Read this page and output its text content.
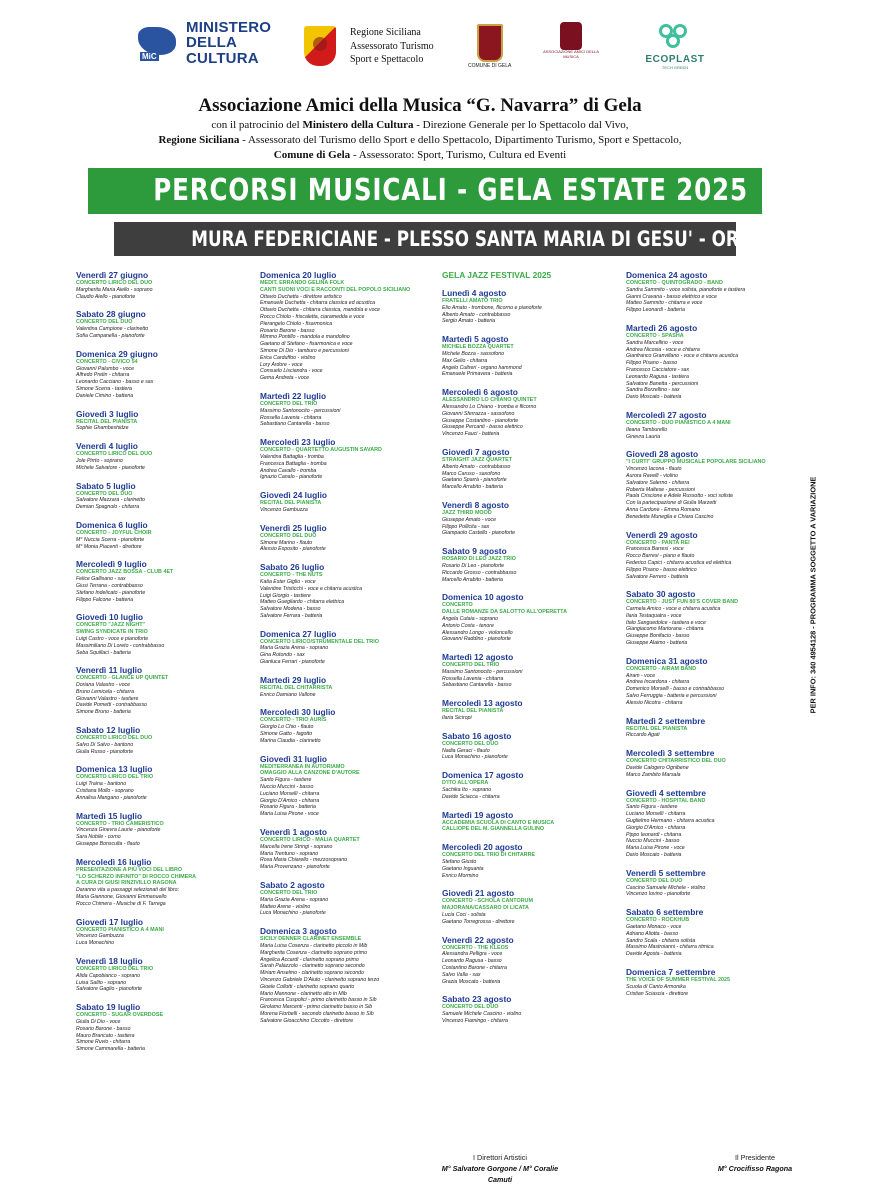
MiC
MINISTERO
DELLA
CULTURA
Regione Siciliana
Assessorato Turismo
Sport e Spettacolo
COMUNE DI GELA
ASSOCIAZIONE AMICI DELLA MUSICA	ECOPLAST
TECH GREEN
Associazione Amici della Musica “G. Navarra” di Gela
con il patrocinio del Ministero della Cultura - Direzione Generale per lo Spettacolo dal Vivo,
Regione Siciliana - Assessorato del Turismo dello Sport e dello Spettacolo, Dipartimento Turismo, Sport e Spettacolo,
Comune di Gela - Assessorato: Sport, Turismo, Cultura ed Eventi
PERCORSI MUSICALI - GELA ESTATE 2025
MURA FEDERICIANE - PLESSO SANTA MARIA DI GESU' - ORE 21.15
Venerdì 27 giugno
CONCERTO LIRICO DEL DUO
Margherita Maria Aiello - soprano
Claudio Aiello - pianoforte
Sabato 28 giugno
CONCERTO DEL DUO
Valentina Campione - clarinetto
Sofia Campanella - pianoforte
Domenica 29 giugno
CONCERTO - CIVICO 54
Giovanni Palumbo - voce
Alfredo Pretin - chitarra
Leonardo Cacciano - basso e sax
Simone Scerra - tastiera
Daniele Cimino - batteria
Giovedì 3 luglio
RECITAL DEL PIANISTA
Sophie Ghambeshidze
Venerdì 4 luglio
CONCERTO LIRICO DEL DUO
Jole Pirrto - soprano
Michele Salvatore - pianoforte
Sabato 5 luglio
CONCERTO DEL DUO
Salvatore Mazzara - clarinetto
Demian Spagnolo - chitarra
Domenica 6 luglio
CONCERTO - JOYFUL CHOIR
M° Nuccia Scerra - pianoforte
M° Monia Piacenti - direttore
Mercoledì 9 luglio
CONCERTO JAZZ BOSSA - CLUB 4ET
Felice Gallisano - sax
Giusi Terrana - contrabbasso
Stefano Indelicato - pianoforte
Filippo Falcone - batteria
Giovedì 10 luglio
CONCERTO "JAZZ NIGHT"
SWING SYNDICATE IN TRIO
Luigi Castro - voce e pianoforte
Massimiliano Di Loreto - contrabbasso
Seba Squillaci - batteria
Venerdì 11 luglio
CONCERTO - GLANCE UP QUINTET
Doriana Valastro - voce
Bruno Lemicela - chitarra
Giovanni Valastro - tastiere
Davide Pometti - contrabbasso
Simone Bruno - batteria
Sabato 12 luglio
CONCERTO LIRICO DEL DUO
Salvo Di Salvo - baritono
Giulia Russo - pianoforte
Domenica 13 luglio
CONCERTO LIRICO DEL TRIO
Luigi Traina - baritono
Cristiana Mollo - soprano
Annalisa Mangano - pianoforte
Martedì 15 luglio
CONCERTO - TRIO CAMERISTICO
Vincenza Ginevra Laurie - pianoforte
Sara Nobile - corno
Giuseppe Bonsculta - flauto
Mercoledì 16 luglio
PRESENTAZIONE A PIÙ VOCI DEL LIBRO
"LO SCHERZO INFINITO" DI ROCCO CHIMERA
A CURA DI GIUSI RINZIVILLO RAGONA
Daranno vita a passaggi selezionati del libro:
Maria Giannone, Giovanni Emmanuello
Rocco Chimera - Musiche di F. Tarrega
Giovedì 17 luglio
CONCERTO PIANISTICO A 4 MANI
Vincenzo Gambuzza
Luca Monachino
Venerdì 18 luglio
CONCERTO LIRICO DEL TRIO
Alida Capobianco - soprano
Luisa Salito - soprano
Salvatore Gaglio - pianoforte
Sabato 19 luglio
CONCERTO - SUGAR OVERDOSE
Giulia Di Dio - voce
Rosario Barone - basso
Mauro Brancato - tastiera
Simone Ruvio - chitarra
Simone Cammarella - batteria
Domenica 20 luglio
MEDIT. ERRANDO GELINA FOLK
CANTI SUONI VOCI E RACCONTI DEL POPOLO SICILIANO
Ottavio Duchetta - direttore artistico
Emanuele Duchetta - chitarra classica ed acustica
Ottavio Duchetta - chitarra classica, mandola e voce
Rocco Chiolo - friscaletta, ciaramedda e voce
Pierangelo Chiolo - fisarmonica
Rosario Barone - basso
Mimmo Pontillo - mandola e mandolino
Gaetano di Stefano - fisarmonica e voce
Simone Di Dio - tamburo e percussioni
Erica Carduffoo - violino
Lory Ardore - voce
Consuelo Lisciandra - voce
Gema Andreta - voce
Martedì 22 luglio
CONCERTO DEL TRIO
Massimo Santonocito - percussioni
Rossella Lavenia - chitarra
Sebastiano Cantarella - basso
Mercoledì 23 luglio
CONCERTO - QUARTETTO AUGUSTIN SAVARD
Valentina Battaglia - tromba
Francesca Battaglia - tromba
Andrea Cavallo - tromba
Ignazio Canalo - pianoforte
Giovedì 24 luglio
RECITAL DEL PIANISTA
Vincenzo Gambuzza
Venerdì 25 luglio
CONCERTO DEL DUO
Simone Marino - flauto
Alessio Esposito - pianoforte
Sabato 26 luglio
CONCERTO - THE NUTS
Katia Ester Giglio - voce
Valentine Tristicchi - voce e chitarra acustica
Luigi Giorgio - tastiere
Matteo Guegliardo - chitarra elettrica
Salvatore Modena - basso
Salvatore Ferrara - batteria
Domenica 27 luglio
CONCERTO LIRICO/STRUMENTALE DEL TRIO
Maria Grazia Arena - soprano
Gina Rotondo - sax
Gianluca Ferrari - pianoforte
Martedì 29 luglio
RECITAL DEL CHITARRISTA
Enrico Damiano Vallone
Mercoledì 30 luglio
CONCERTO - TRIO AURIS
Giorgio Lo Chio - flauto
Simone Gatto - fagotto
Marina Claudia - clarinetto
Giovedì 31 luglio
MEDITERRANEA IN AUTORIAMO
OMAGGIO ALLA CANZONE D'AUTORE
Santo Figura - tastiere
Nuccio Muccini - basso
Luciano Morselli - chitarra
Giorgio D'Amico - chitarra
Rosario Figura - batteria
Maria Luisa Pirone - voce
Venerdì 1 agosto
CONCERTO LIRICO - MALIA QUARTET
Marcella Irene Stringi - soprano
Maria Trentuno - soprano
Rosa Maria Chiarello - mezzosoprano
Maria Provenzano - pianoforte
Sabato 2 agosto
CONCERTO DEL TRIO
Maria Grazia Arena - soprano
Matteo Arene - violino
Luca Monachino - pianoforte
Domenica 3 agosto
SICILY DENNER CLARINET ENSEMBLE
Maria Luisa Cosenza - clarinetto piccolo in Mib
Margherita Cosenza - clarinetto soprano primo
Angelica Accardi - clarinetto soprano primo
Sarah Palazzolo - clarinetto soprano secondo
Miriam Anselmo - clarinetto soprano secondo
Vincenzo Gabriele D'Aiuto - clarinetto soprano terzo
Gioele Collotti - clarinetto soprano quarto
Mario Mannone - clarinetto alto in Mib
Francesca Cuspolici - primo clarinetto basso in Sib
Girolamo Marcenti - primo clarinetto basso in Sib
Morena Fiorbelli - secondo clarinetto basso in Sib
Salvatore Gioacchino Ciccotto - direttore
GELA JAZZ FESTIVAL 2025
Lunedì 4 agosto
FRATELLI AMATO TRIO
Elio Amato - trombone, flicorno e pianoforte
Alberto Amato - contrabbasso
Sergio Amato - batteria
Martedì 5 agosto
MICHELE BOZZA QUARTET
Michele Bozza - sassofono
Max Gelio - chitarra
Angelo Cultreri - organo hammond
Emanuele Primavera - batteria
Mercoledì 6 agosto
ALESSANDRO LO CHIANO QUINTET
Alessandro Lo Chiano - tromba e flicorno
Giovanni Sferrazza - sassofono
Giuseppe Costantino - pianoforte
Giuseppe Percanti - basso elettrico
Vincenzo Fauci - batteria
Giovedì 7 agosto
STRAIGHT JAZZ QUARTET
Alberto Amato - contrabbasso
Marco Caruso - saxofono
Gaetano Sparrà - pianoforte
Marcello Arrabito - batteria
Venerdì 8 agosto
JAZZ THIRD MOOD
Giuseppe Amato - voce
Filippo Pollicita - sax
Giampaolo Castello - pianoforte
Sabato 9 agosto
ROSARIO DI LEO JAZZ TRIO
Rosario Di Leo - pianoforte
Riccardo Grosso - contrabbasso
Marcello Arrabito - batteria
Domenica 10 agosto
CONCERTO
DALLE ROMANZE DA SALOTTO ALL'OPERETTA
Angela Cutaia - soprano
Antonio Costa - tenore
Alessandro Longo - violoncello
Giovanni Raddino - pianoforte
Martedì 12 agosto
CONCERTO DEL TRIO
Massimo Santonocito - percussioni
Rossella Lavenia - chitarra
Sebastiano Cantarella - basso
Mercoledì 13 agosto
RECITAL DEL PIANISTA
Ilaria Siciropi
Sabato 16 agosto
CONCERTO DEL DUO
Nadia Geraci - flauto
Luca Monachino - pianoforte
Domenica 17 agosto
D'ITO ALL'OPERA
Sachika Ito - soprano
Davide Sciacca - chitarra
Martedì 19 agosto
ACCADEMIA SCUOLA DI CANTO E MUSICA
CALLIOPE DEL M. GIANNELLA GULINO
Mercoledì 20 agosto
CONCERTO DEL TRIO DI CHITARRE
Stefano Giusto
Gaetano Inguanta
Enrico Mormino
Giovedì 21 agosto
CONCERTO - SCHOLA CANTORUM
MAJORANA/CASSARO DI LICATA
Lucia Coci - solista
Gaetano Torregrossa - direttore
Venerdì 22 agosto
CONCERTO - THE KLEOS
Alessandra Pelligra - voce
Leonardo Ragusa - basso
Costantino Barone - chitarra
Salvo Valla - sax
Grazia Moscato - batteria
Sabato 23 agosto
CONCERTO DEL DUO
Samuele Michele Cascino - violino
Vincenzo Fiamingo - chitarra
Domenica 24 agosto
CONCERTO - QUINTOGRADO - BAND
Sandra Sammito - voce solista, pianoforte e tastiera
Gianni Cravana - basso elettrico e voce
Matteo Sammito - chitarra e voce
Filippo Leonardi - batteria
Martedì 26 agosto
CONCERTO - SPASHA
Sandra Marcellino - voce
Andrea Nicosia - voce e chitarra
Gianfranco Granvillano - voce e chitarra acustica
Filippo Pisano - basso
Francesco Cacciatore - sax
Leonardo Ragusa - tastiera
Salvatore Banetta - percussioni
Sandra Borzellino - sax
Dario Moscato - batteria
Mercoledì 27 agosto
CONCERTO - DUO PIANISTICO A 4 MANI
Ileana Tamburello
Ginevra Lauria
Giovedì 28 agosto
"I CURTI" GRUPPO MUSICALE POPOLARE SICILIANO
Vincenzo Iacona - flauto
Aurora Ravelli - violino
Salvatore Salerno - chitarra
Roberta Maltese - percussioni
Paola Criscione e Adele Russotto - voci soliste
Con la partecipazione di Giulia Marzetti
Anna Cardone - Emma Romano
Benedetta Muneglia e Chiara Cascino
Venerdì 29 agosto
CONCERTO - PANTA REI
Francesca Barresi - voce
Rocco Barresi - piano e flauto
Federico Capici - chitarra acustica ed elettrica
Filippo Pisano - basso elettrico
Salvatore Ferrero - batteria
Sabato 30 agosto
CONCERTO - JUST FUN 80'S COVER BAND
Carmela Amico - voce e chitarra acustica
Ilaria Testaquatra - voce
Italo Sanguedolce - tastiera e voce
Giangiacomo Martorana - chitarra
Giuseppe Bonifacio - basso
Giuseppe Alaimo - batteria
Domenica 31 agosto
CONCERTO - AIRAM BAND
Airam - voce
Andrea Incardona - chitarra
Domenico Morselli - basso e contrabbasso
Salvo Ferruggia - batteria e percussioni
Alessio Nicotra - chitarra
Martedì 2 settembre
RECITAL DEL PIANISTA
Riccardo Agati
Mercoledì 3 settembre
CONCERTO CHITARRISTICO DEL DUO
Davide Calogero Ognibene
Marco Zambito Marsala
Giovedì 4 settembre
CONCERTO - HOSPITAL BAND
Santo Figura - tastiere
Luciano Morselli - chitarra
Guglielmo Hermano - chitarra acustica
Giorgio D'Amico - chitarra
Pippo Ieonardi - chitarra
Nuccio Muccini - basso
Maria Luisa Pirone - voce
Dario Moscato - batteria
Venerdì 5 settembre
CONCERTO DEL DUO
Cascino Samuele Michele - violino
Vincenzo Iovino - pianoforte
Sabato 6 settembre
CONCERTO - ROCKHUB
Gaetano Monaco - voce
Adriano Aliotta - basso
Sandro Scala - chitarra solista
Massimo Mastroianni - chitarra ritmica
Davide Agosta - batteria
Domenica 7 settembre
THE VOICE OF SUMMER FESTIVAL 2025
Scuola di Canto Armonika
Cristian Sciascia - direttore
PER INFO: 340 4954128 - PROGRAMMA SOGGETTO A VARIAZIONE
I Direttori Artistici
M° Salvatore Gorgone / M° Coralie Camuti
Il Presidente
M° Crocifisso Ragona
